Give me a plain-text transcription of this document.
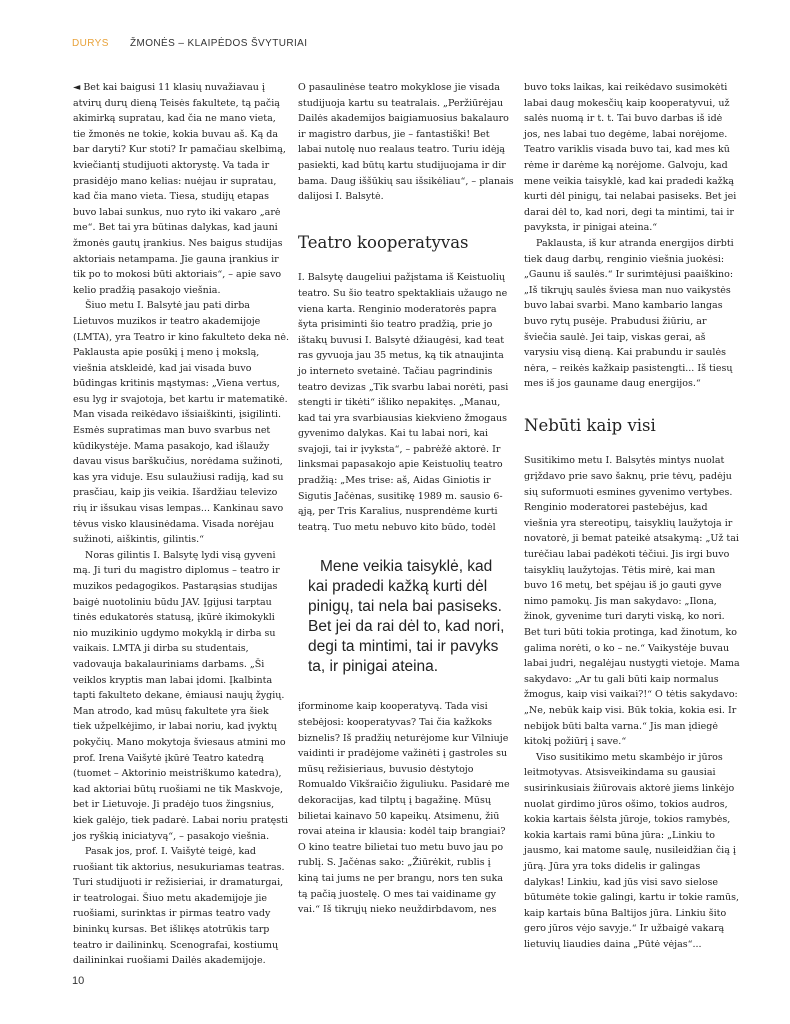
DURYS ŽMONĖS – KLAIPĖDOS ŠVYTURIAI

◄ Bet kai baigusi 11 klasių nuvažiavau į atvirų durų dieną Teisės fakultete, tą pačią akimirką supratau, kad čia ne mano vieta, tie žmonės ne tokie, kokia buvau aš. Ką da bar daryti? Kur stoti? Ir pamačiau skelbimą, kviečiantį studijuoti aktorystę. Va tada ir prasidėjo mano kelias: nuėjau ir supratau, kad čia mano vieta. Tiesa, studijų etapas buvo labai sunkus, nuo ryto iki vakaro „arė me“. Bet tai yra būtinas dalykas, kad jauni žmonės gautų įrankius. Nes baigus studijas aktoriais netampama. Jie gauna įrankius ir tik po to mokosi būti aktoriais“, – apie savo kelio pradžią pasakojo viešnia.

Šiuo metu I. Balsytė jau pati dirba Lietuvos muzikos ir teatro akademijoje (LMTA), yra Teatro ir kino fakulteto deka nė. Paklausta apie posūkį į meno į mokslą, viešnia atskleidė, kad jai visada buvo būdingas kritinis mąstymas: „Viena vertus, esu lyg ir svajotoja, bet kartu ir matematikė. Man visada reikėdavo išsiaiškinti, įsigilinti. Esmės supratimas man buvo svarbus net kūdikystėje. Mama pasakojo, kad išlaužy davau visus barškučius, norėdama sužinoti, kas yra viduje. Esu sulaužiusi radiją, kad su prasčiau, kaip jis veikia. Išardžiau televizo rių ir išsukau visas lempas... Kankinau savo tėvus visko klausinėdama. Visada norėjau sužinoti, aiškintis, gilintis.“

Noras gilintis I. Balsytę lydi visą gyveni mą. Ji turi du magistro diplomus – teatro ir muzikos pedagogikos. Pastarąsias studijas baigė nuotoliniu būdu JAV. Įgijusi tarptau tinės edukatorės statusą, įkūrė ikimokykli nio muzikinio ugdymo mokyklą ir dirba su vaikais. LMTA ji dirba su studentais, vadovauja bakalauriniams darbams. „Ši veiklos kryptis man labai įdomi. Įkalbinta tapti fakulteto dekane, ėmiausi naujų žygių. Man atrodo, kad mūsų fakultete yra šiek tiek užpelkėjimo, ir labai noriu, kad įvyktų pokyčių. Mano mokytoja šviesaus atmini mo prof. Irena Vaišytė įkūrė Teatro katedrą (tuomet – Aktorinio meistriškumo katedra), kad aktoriai būtų ruošiami ne tik Maskvoje, bet ir Lietuvoje. Ji pradėjo tuos žingsnius, kiek galėjo, tiek padarė. Labai noriu pratęsti jos ryškią iniciatyvą“, – pasakojo viešnia.

Pasak jos, prof. I. Vaišytė teigė, kad ruošiant tik aktorius, nesukuriamas teatras. Turi studijuoti ir režisieriai, ir dramaturgai, ir teatrologai. Šiuo metu akademijoje jie ruošiami, surinktas ir pirmas teatro vady bininkų kursas. Bet išlikęs atotrūkis tarp teatro ir dailininkų. Scenografai, kostiumų dailininkai ruošiami Dailės akademijoje.

O pasaulinėse teatro mokyklose jie visada studijuoja kartu su teatralais. „Peržiūrėjau Dailės akademijos baigiamuosius bakalauro ir magistro darbus, jie – fantastiški! Bet labai nutolę nuo realaus teatro. Turiu idėją pasiekti, kad būtų kartu studijuojama ir dir bama. Daug iššūkių sau išsikėliau“, – planais dalijosi I. Balsytė.

Teatro kooperatyvas

I. Balsytę daugeliui pažįstama iš Keistuolių teatro. Su šio teatro spektakliais užaugo ne viena karta. Renginio moderatorės papra šyta prisiminti šio teatro pradžią, prie jo ištakų buvusi I. Balsytė džiaugėsi, kad teat ras gyvuoja jau 35 metus, ką tik atnaujinta jo interneto svetainė. Tačiau pagrindinis teatro devizas „Tik svarbu labai norėti, pasi stengti ir tikėti“ išliko nepakitęs. „Manau, kad tai yra svarbiausias kiekvieno žmogaus gyvenimo dalykas. Kai tu labai nori, kai svajoji, tai ir įvyksta“, – pabrėžė aktorė. Ir linksmai papasakojo apie Keistuolių teatro pradžią: „Mes trise: aš, Aidas Giniotis ir Sigutis Jačėnas, susitikę 1989 m. sausio 6-ąją, per Tris Karalius, nusprendėme kurti teatrą. Tuo metu nebuvo kito būdo, todėl

Mene veikia taisyklė, kad kai pradedi kažką kurti dėl pinigų, tai nela bai pasiseks. Bet jei da rai dėl to, kad nori, degi ta mintimi, tai ir pavyks ta, ir pinigai ateina.

įforminome kaip kooperatyvą. Tada visi stebėjosi: kooperatyvas? Tai čia kažkoks biznelis? Iš pradžių neturėjome kur Vilniuje vaidinti ir pradėjome važinėti į gastroles su mūsų režisieriaus, buvusio dėstytojo Romualdo Vikšraičio žiguliuku. Pasidarė me dekoracijas, kad tilptų į bagažinę. Mūsų bilietai kainavo 50 kapeikų. Atsimenu, žiū rovai ateina ir klausia: kodėl taip brangiai? O kino teatre bilietai tuo metu buvo jau po rublį. S. Jačėnas sako: „Žiūrėkit, rublis į kiną tai jums ne per brangu, nors ten suka tą pačią juostelę. O mes tai vaidiname gy vai.“ Iš tikrųjų nieko neuždirbdavom, nes

buvo toks laikas, kai reikėdavo susimokėti labai daug mokesčių kaip kooperatyvui, už salės nuomą ir t. t. Tai buvo darbas iš idė jos, nes labai tuo degėme, labai norėjome. Teatro variklis visada buvo tai, kad mes kū rėme ir darėme ką norėjome. Galvoju, kad mene veikia taisyklė, kad kai pradedi kažką kurti dėl pinigų, tai nelabai pasiseks. Bet jei darai dėl to, kad nori, degi ta mintimi, tai ir pavyksta, ir pinigai ateina.“

Paklausta, iš kur atranda energijos dirbti tiek daug darbų, renginio viešnia juokėsi: „Gaunu iš saulės.“ Ir surimtėjusi paaiškino: „Iš tikrųjų saulės šviesa man nuo vaikystės buvo labai svarbi. Mano kambario langas buvo rytų pusėje. Prabudusi žiūriu, ar šviečia saulė. Jei taip, viskas gerai, aš varysiu visą dieną. Kai prabundu ir saulės nėra, – reikės kažkaip pasistengti... Iš tiesų mes iš jos gauname daug energijos.“

Nebūti kaip visi

Susitikimo metu I. Balsytės mintys nuolat grįždavo prie savo šaknų, prie tėvų, padėju sių suformuoti esmines gyvenimo vertybes. Renginio moderatorei pastebėjus, kad viešnia yra stereotipų, taisyklių laužytoja ir novatorė, ji bemat pateikė atsakymą: „Už tai turėčiau labai padėkoti tėčiui. Jis irgi buvo taisyklių laužytojas. Tėtis mirė, kai man buvo 16 metų, bet spėjau iš jo gauti gyve nimo pamokų. Jis man sakydavo: „Ilona, žinok, gyvenime turi daryti viską, ko nori. Bet turi būti tokia protinga, kad žinotum, ko galima norėti, o ko – ne.“ Vaikystėje buvau labai judri, negalėjau nustygti vietoje. Mama sakydavo: „Ar tu gali būti kaip normalus žmogus, kaip visi vaikai?!“ O tėtis sakydavo: „Ne, nebūk kaip visi. Būk tokia, kokia esi. Ir nebijok būti balta varna.“ Jis man įdiegė kitokį požiūrį į save.“

Viso susitikimo metu skambėjo ir jūros leitmotyvas. Atsisveikindama su gausiai susirinkusiais žiūrovais aktorė jiems linkėjo nuolat girdimo jūros ošimo, tokios audros, kokia kartais šėlsta jūroje, tokios ramybės, kokia kartais rami būna jūra: „Linkiu to jausmo, kai matome saulę, nusileidžian čią į jūrą. Jūra yra toks didelis ir galingas dalykas! Linkiu, kad jūs visi savo sielose būtumėte tokie galingi, kartu ir tokie ramūs, kaip kartais būna Baltijos jūra. Linkiu šito gero jūros vėjo savyje.“ Ir užbaigė vakarą lietuvių liaudies daina „Pūtė vėjas“...

10
